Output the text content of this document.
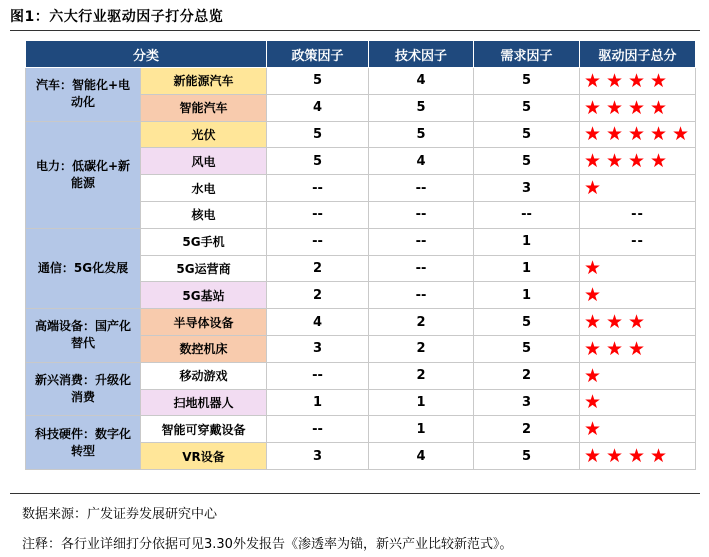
图1：六大行业驱动因子打分总览
分类		政策因子	技术因子	需求因子	驱动因子总分
汽车：智能化+电动化	新能源汽车	5	4	5	★ ★ ★ ★
	智能汽车	4	5	5	★ ★ ★ ★
电力：低碳化+新能源	光伏	5	5	5	★ ★ ★ ★ ★
	风电	5	4	5	★ ★ ★ ★
	水电	--	--	3	★
	核电	--	--	--	--
通信：5G化发展	5G手机	--	--	1	--
	5G运营商	2	--	1	★
	5G基站	2	--	1	★
高端设备：国产化替代	半导体设备	4	2	5	★ ★ ★
	数控机床	3	2	5	★ ★ ★
新兴消费：升级化消费	移动游戏	--	2	2	★
	扫地机器人	1	1	3	★
科技硬件：数字化转型	智能可穿戴设备	--	1	2	★
	VR设备	3	4	5	★ ★ ★ ★
数据来源：广发证券发展研究中心
注释：各行业详细打分依据可见3.30外发报告《渗透率为锚，新兴产业比较新范式》。
